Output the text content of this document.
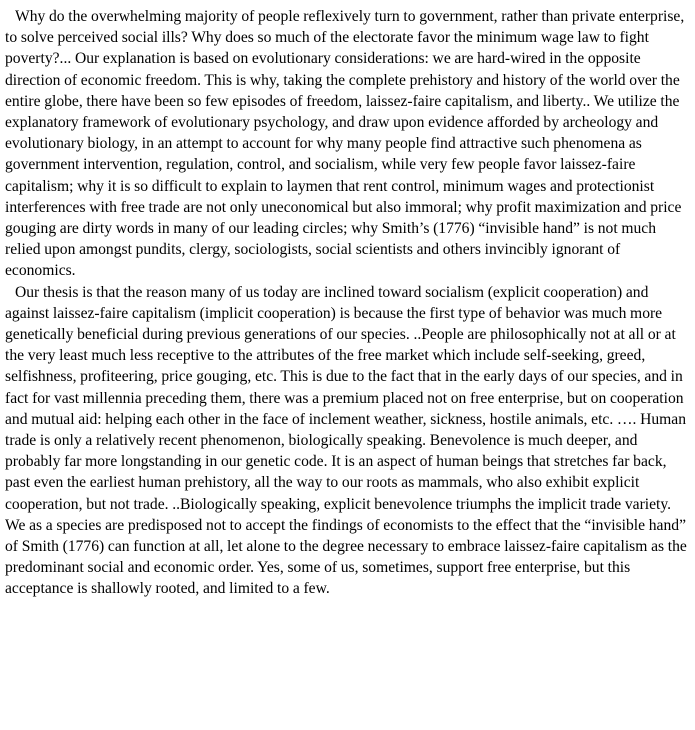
Why do the overwhelming majority of people reflexively turn to government, rather than private enterprise, to solve perceived social ills? Why does so much of the electorate favor the minimum wage law to fight poverty?... Our explanation is based on evolutionary considerations: we are hard-wired in the opposite direction of economic freedom. This is why, taking the complete prehistory and history of the world over the entire globe, there have been so few episodes of freedom, laissez-faire capitalism, and liberty.. We utilize the explanatory framework of evolutionary psychology, and draw upon evidence afforded by archeology and evolutionary biology, in an attempt to account for why many people find attractive such phenomena as government intervention, regulation, control, and socialism, while very few people favor laissez-faire capitalism; why it is so difficult to explain to laymen that rent control, minimum wages and protectionist interferences with free trade are not only uneconomical but also immoral; why profit maximization and price gouging are dirty words in many of our leading circles; why Smith’s (1776) “invisible hand” is not much relied upon amongst pundits, clergy, sociologists, social scientists and others invincibly ignorant of economics.

Our thesis is that the reason many of us today are inclined toward socialism (explicit cooperation) and against laissez-faire capitalism (implicit cooperation) is because the first type of behavior was much more genetically beneficial during previous generations of our species. ..People are philosophically not at all or at the very least much less receptive to the attributes of the free market which include self-seeking, greed, selfishness, profiteering, price gouging, etc. This is due to the fact that in the early days of our species, and in fact for vast millennia preceding them, there was a premium placed not on free enterprise, but on cooperation and mutual aid: helping each other in the face of inclement weather, sickness, hostile animals, etc. …. Human trade is only a relatively recent phenomenon, biologically speaking. Benevolence is much deeper, and probably far more longstanding in our genetic code. It is an aspect of human beings that stretches far back, past even the earliest human prehistory, all the way to our roots as mammals, who also exhibit explicit cooperation, but not trade. ..Biologically speaking, explicit benevolence triumphs the implicit trade variety. We as a species are predisposed not to accept the findings of economists to the effect that the “invisible hand” of Smith (1776) can function at all, let alone to the degree necessary to embrace laissez-faire capitalism as the predominant social and economic order. Yes, some of us, sometimes, support free enterprise, but this acceptance is shallowly rooted, and limited to a few.
